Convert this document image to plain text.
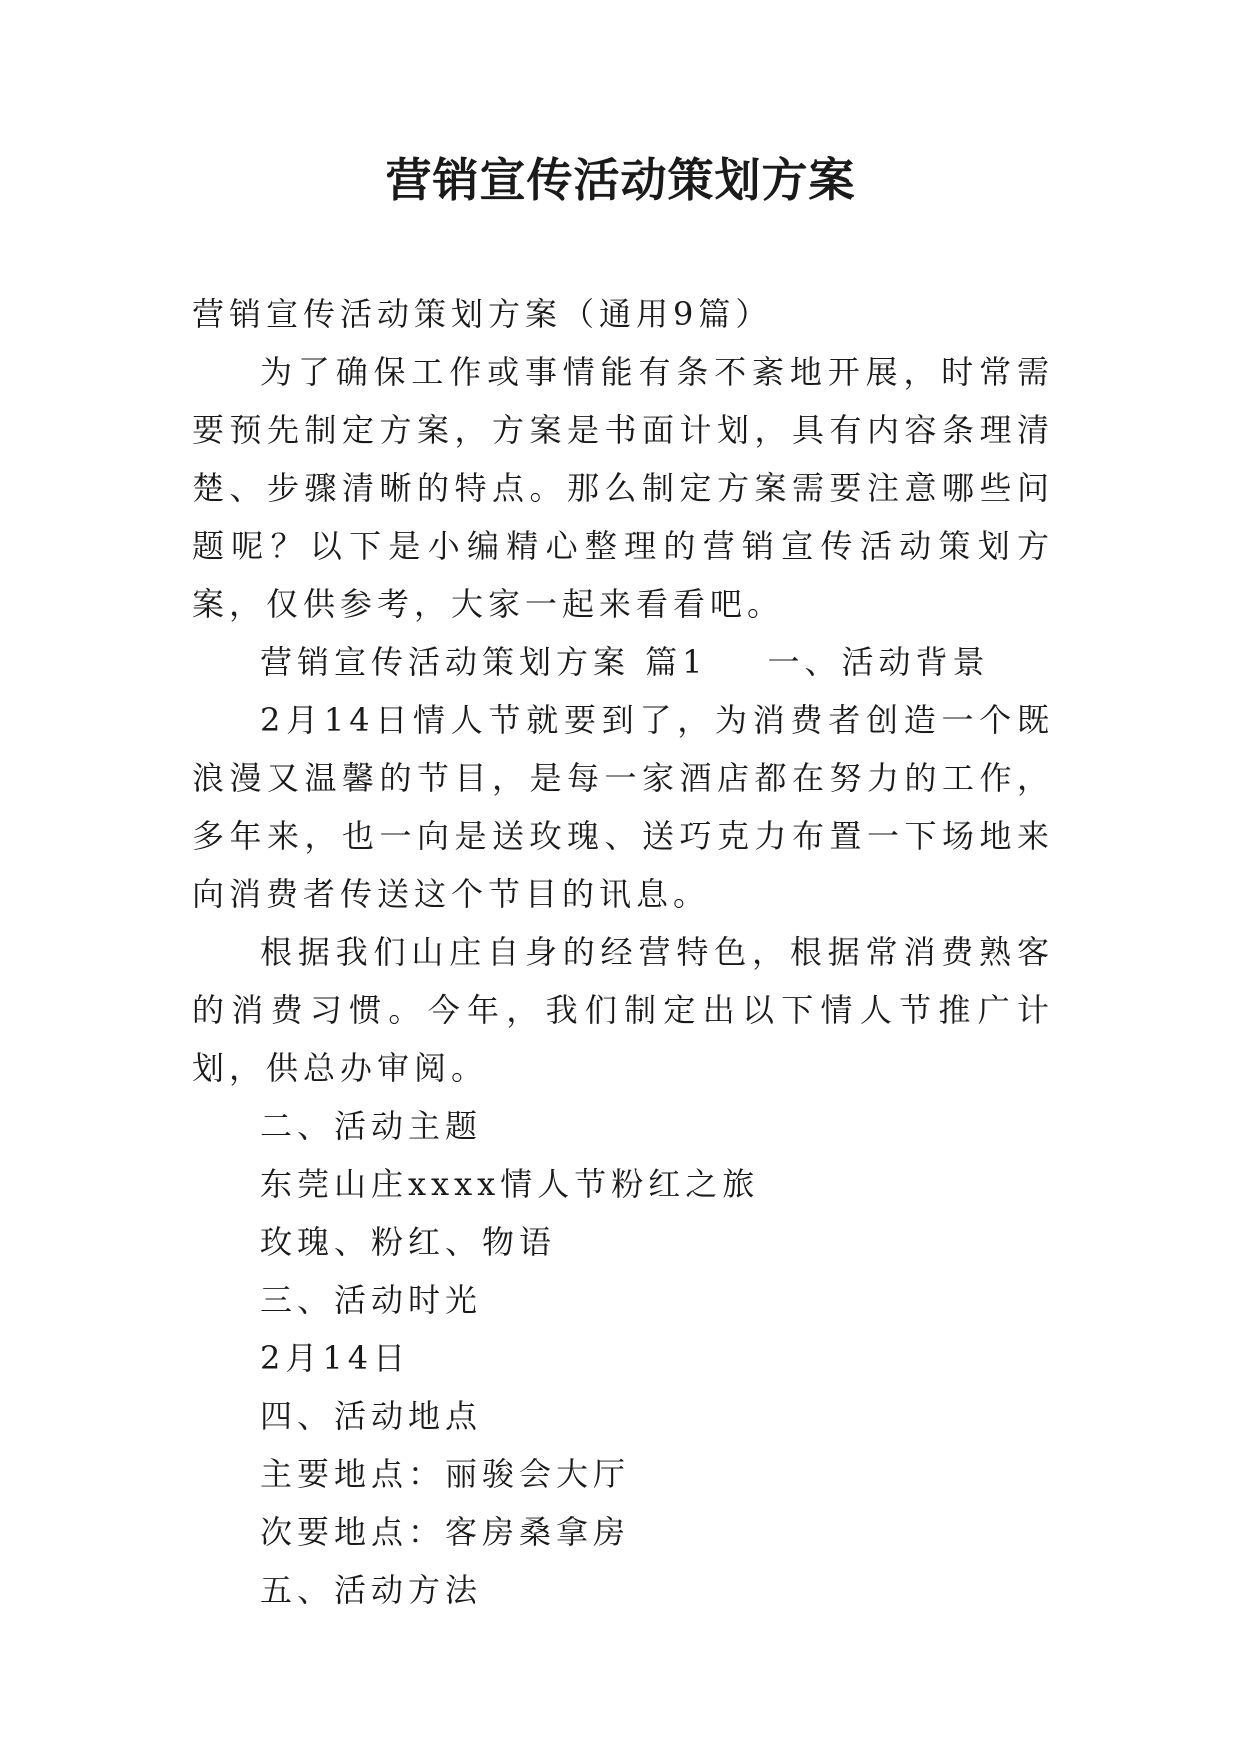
营销宣传活动策划方案

营销宣传活动策划方案（通用9篇）

为了确保工作或事情能有条不紊地开展，时常需要预先制定方案，方案是书面计划，具有内容条理清楚、步骤清晰的特点。那么制定方案需要注意哪些问题呢？以下是小编精心整理的营销宣传活动策划方案，仅供参考，大家一起来看看吧。

营销宣传活动策划方案 篇1 一、活动背景

2月14日情人节就要到了，为消费者创造一个既浪漫又温馨的节目，是每一家酒店都在努力的工作，多年来，也一向是送玫瑰、送巧克力布置一下场地来向消费者传送这个节目的讯息。

根据我们山庄自身的经营特色，根据常消费熟客的消费习惯。今年，我们制定出以下情人节推广计划，供总办审阅。

二、活动主题

东莞山庄xxxx情人节粉红之旅

玫瑰、粉红、物语

三、活动时光

2月14日

四、活动地点

主要地点：丽骏会大厅

次要地点：客房桑拿房

五、活动方法
